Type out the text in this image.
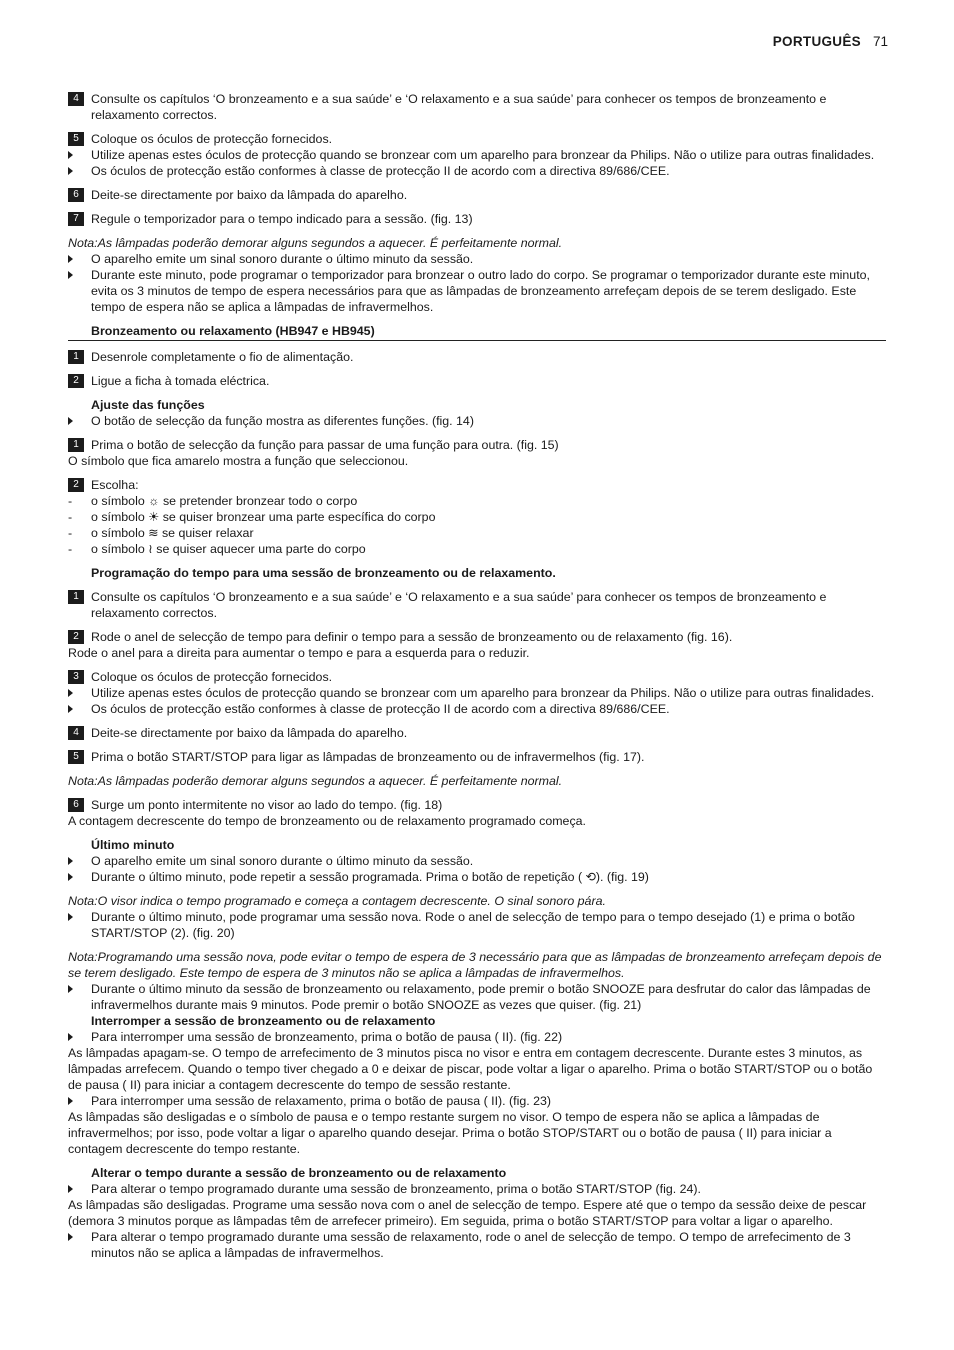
PORTUGUÊS 71
4 Consulte os capítulos ‘O bronzeamento e a sua saúde’ e ‘O relaxamento e a sua saúde’ para conhecer os tempos de bronzeamento e relaxamento correctos.
5 Coloque os óculos de protecção fornecidos.
Utilize apenas estes óculos de protecção quando se bronzear com um aparelho para bronzear da Philips. Não o utilize para outras finalidades.
Os óculos de protecção estão conformes à classe de protecção II de acordo com a directiva 89/686/CEE.
6 Deite-se directamente por baixo da lâmpada do aparelho.
7 Regule o temporizador para o tempo indicado para a sessão. (fig. 13)
Nota:As lâmpadas poderão demorar alguns segundos a aquecer. É perfeitamente normal.
O aparelho emite um sinal sonoro durante o último minuto da sessão.
Durante este minuto, pode programar o temporizador para bronzear o outro lado do corpo. Se programar o temporizador durante este minuto, evita os 3 minutos de tempo de espera necessários para que as lâmpadas de bronzeamento arrefeçam depois de se terem desligado. Este tempo de espera não se aplica a lâmpadas de infravermelhos.
Bronzeamento ou relaxamento (HB947 e HB945)
1 Desenrole completamente o fio de alimentação.
2 Ligue a ficha à tomada eléctrica.
Ajuste das funções
O botão de selecção da função mostra as diferentes funções. (fig. 14)
1 Prima o botão de selecção da função para passar de uma função para outra. (fig. 15)
O símbolo que fica amarelo mostra a função que seleccionou.
2 Escolha:
- o símbolo ☼ se pretender bronzear todo o corpo
- o símbolo ☀ se quiser bronzear uma parte específica do corpo
- o símbolo ≋ se quiser relaxar
- o símbolo ≀ se quiser aquecer uma parte do corpo
Programação do tempo para uma sessão de bronzeamento ou de relaxamento.
1 Consulte os capítulos ‘O bronzeamento e a sua saúde’ e ‘O relaxamento e a sua saúde’ para conhecer os tempos de bronzeamento e relaxamento correctos.
2 Rode o anel de selecção de tempo para definir o tempo para a sessão de bronzeamento ou de relaxamento (fig. 16).
Rode o anel para a direita para aumentar o tempo e para a esquerda para o reduzir.
3 Coloque os óculos de protecção fornecidos.
Utilize apenas estes óculos de protecção quando se bronzear com um aparelho para bronzear da Philips. Não o utilize para outras finalidades.
Os óculos de protecção estão conformes à classe de protecção II de acordo com a directiva 89/686/CEE.
4 Deite-se directamente por baixo da lâmpada do aparelho.
5 Prima o botão START/STOP para ligar as lâmpadas de bronzeamento ou de infravermelhos (fig. 17).
Nota:As lâmpadas poderão demorar alguns segundos a aquecer. É perfeitamente normal.
6 Surge um ponto intermitente no visor ao lado do tempo. (fig. 18)
A contagem decrescente do tempo de bronzeamento ou de relaxamento programado começa.
Último minuto
O aparelho emite um sinal sonoro durante o último minuto da sessão.
Durante o último minuto, pode repetir a sessão programada. Prima o botão de repetição ( ⟲). (fig. 19)
Nota:O visor indica o tempo programado e começa a contagem decrescente. O sinal sonoro pára.
Durante o último minuto, pode programar uma sessão nova. Rode o anel de selecção de tempo para o tempo desejado (1) e prima o botão START/STOP (2). (fig. 20)
Nota:Programando uma sessão nova, pode evitar o tempo de espera de 3 necessário para que as lâmpadas de bronzeamento arrefeçam depois de se terem desligado. Este tempo de espera de 3 minutos não se aplica a lâmpadas de infravermelhos.
Durante o último minuto da sessão de bronzeamento ou relaxamento, pode premir o botão SNOOZE para desfrutar do calor das lâmpadas de infravermelhos durante mais 9 minutos. Pode premir o botão SNOOZE as vezes que quiser. (fig. 21)
Interromper a sessão de bronzeamento ou de relaxamento
Para interromper uma sessão de bronzeamento, prima o botão de pausa ( II). (fig. 22)
As lâmpadas apagam-se. O tempo de arrefecimento de 3 minutos pisca no visor e entra em contagem decrescente. Durante estes 3 minutos, as lâmpadas arrefecem. Quando o tempo tiver chegado a 0 e deixar de piscar, pode voltar a ligar o aparelho. Prima o botão START/STOP ou o botão de pausa ( II) para iniciar a contagem decrescente do tempo de sessão restante.
Para interromper uma sessão de relaxamento, prima o botão de pausa ( II). (fig. 23)
As lâmpadas são desligadas e o símbolo de pausa e o tempo restante surgem no visor. O tempo de espera não se aplica a lâmpadas de infravermelhos; por isso, pode voltar a ligar o aparelho quando desejar. Prima o botão STOP/START ou o botão de pausa ( II) para iniciar a contagem decrescente do tempo restante.
Alterar o tempo durante a sessão de bronzeamento ou de relaxamento
Para alterar o tempo programado durante uma sessão de bronzeamento, prima o botão START/STOP (fig. 24).
As lâmpadas são desligadas. Programe uma sessão nova com o anel de selecção de tempo. Espere até que o tempo da sessão deixe de pescar (demora 3 minutos porque as lâmpadas têm de arrefecer primeiro). Em seguida, prima o botão START/STOP para voltar a ligar o aparelho.
Para alterar o tempo programado durante uma sessão de relaxamento, rode o anel de selecção de tempo. O tempo de arrefecimento de 3 minutos não se aplica a lâmpadas de infravermelhos.
